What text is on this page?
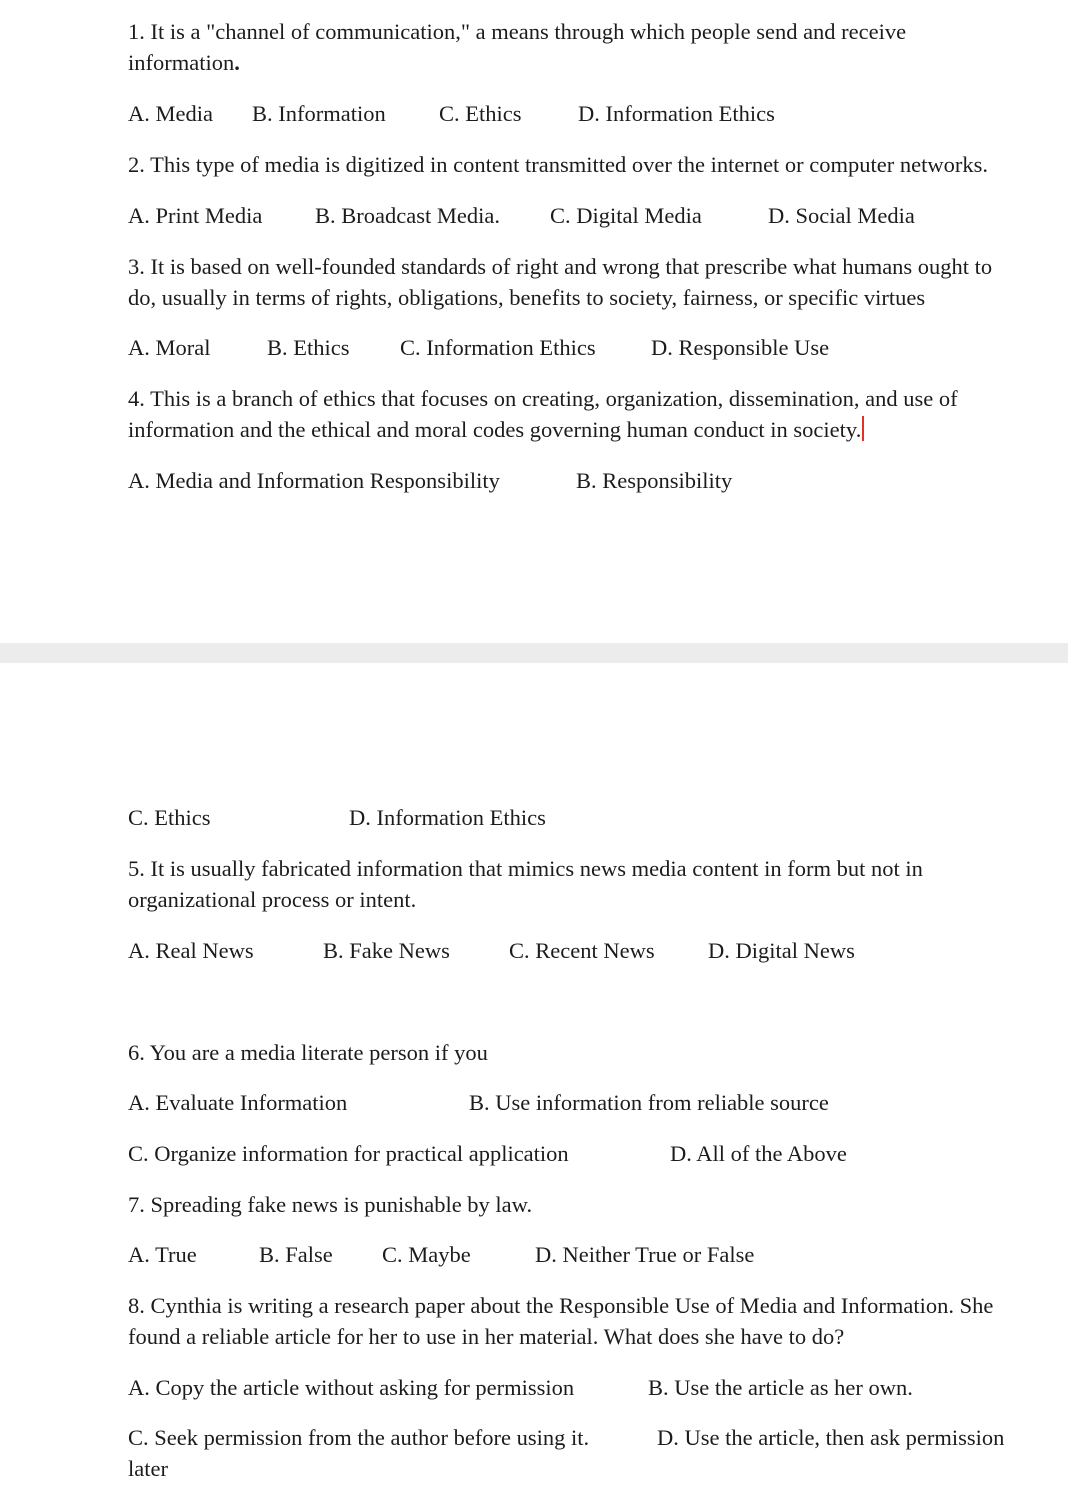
1. It is a "channel of communication," a means through which people send and receive
information.
A. Media B. Information C. Ethics	D. Information Ethics
2. This type of media is digitized in content transmitted over the internet or computer networks.
A. Print Media B. Broadcast Media. C. Digital Media	D. Social Media
3. It is based on well-founded standards of right and wrong that prescribe what humans ought to
do, usually in terms of rights, obligations, benefits to society, fairness, or specific virtues
A. Moral	B. Ethics C. Information Ethics D. Responsible Use
4. This is a branch of ethics that focuses on creating, organization, dissemination, and use of
information and the ethical and moral codes governing human conduct in society.
A. Media and Information Responsibility	B. Responsibility
C. Ethics	D. Information Ethics
5. It is usually fabricated information that mimics news media content in form but not in
organizational process or intent.
A. Real News	B. Fake News	C. Recent News D. Digital News
6. You are a media literate person if you
A. Evaluate Information	B. Use information from reliable source
C. Organize information for practical application	D. All of the Above
7. Spreading fake news is punishable by law.
A. True	B. False C. Maybe	D. Neither True or False
8. Cynthia is writing a research paper about the Responsible Use of Media and Information. She
found a reliable article for her to use in her material. What does she have to do?
A. Copy the article without asking for permission	B. Use the article as her own.
C. Seek permission from the author before using it.	D. Use the article, then ask permission
later
